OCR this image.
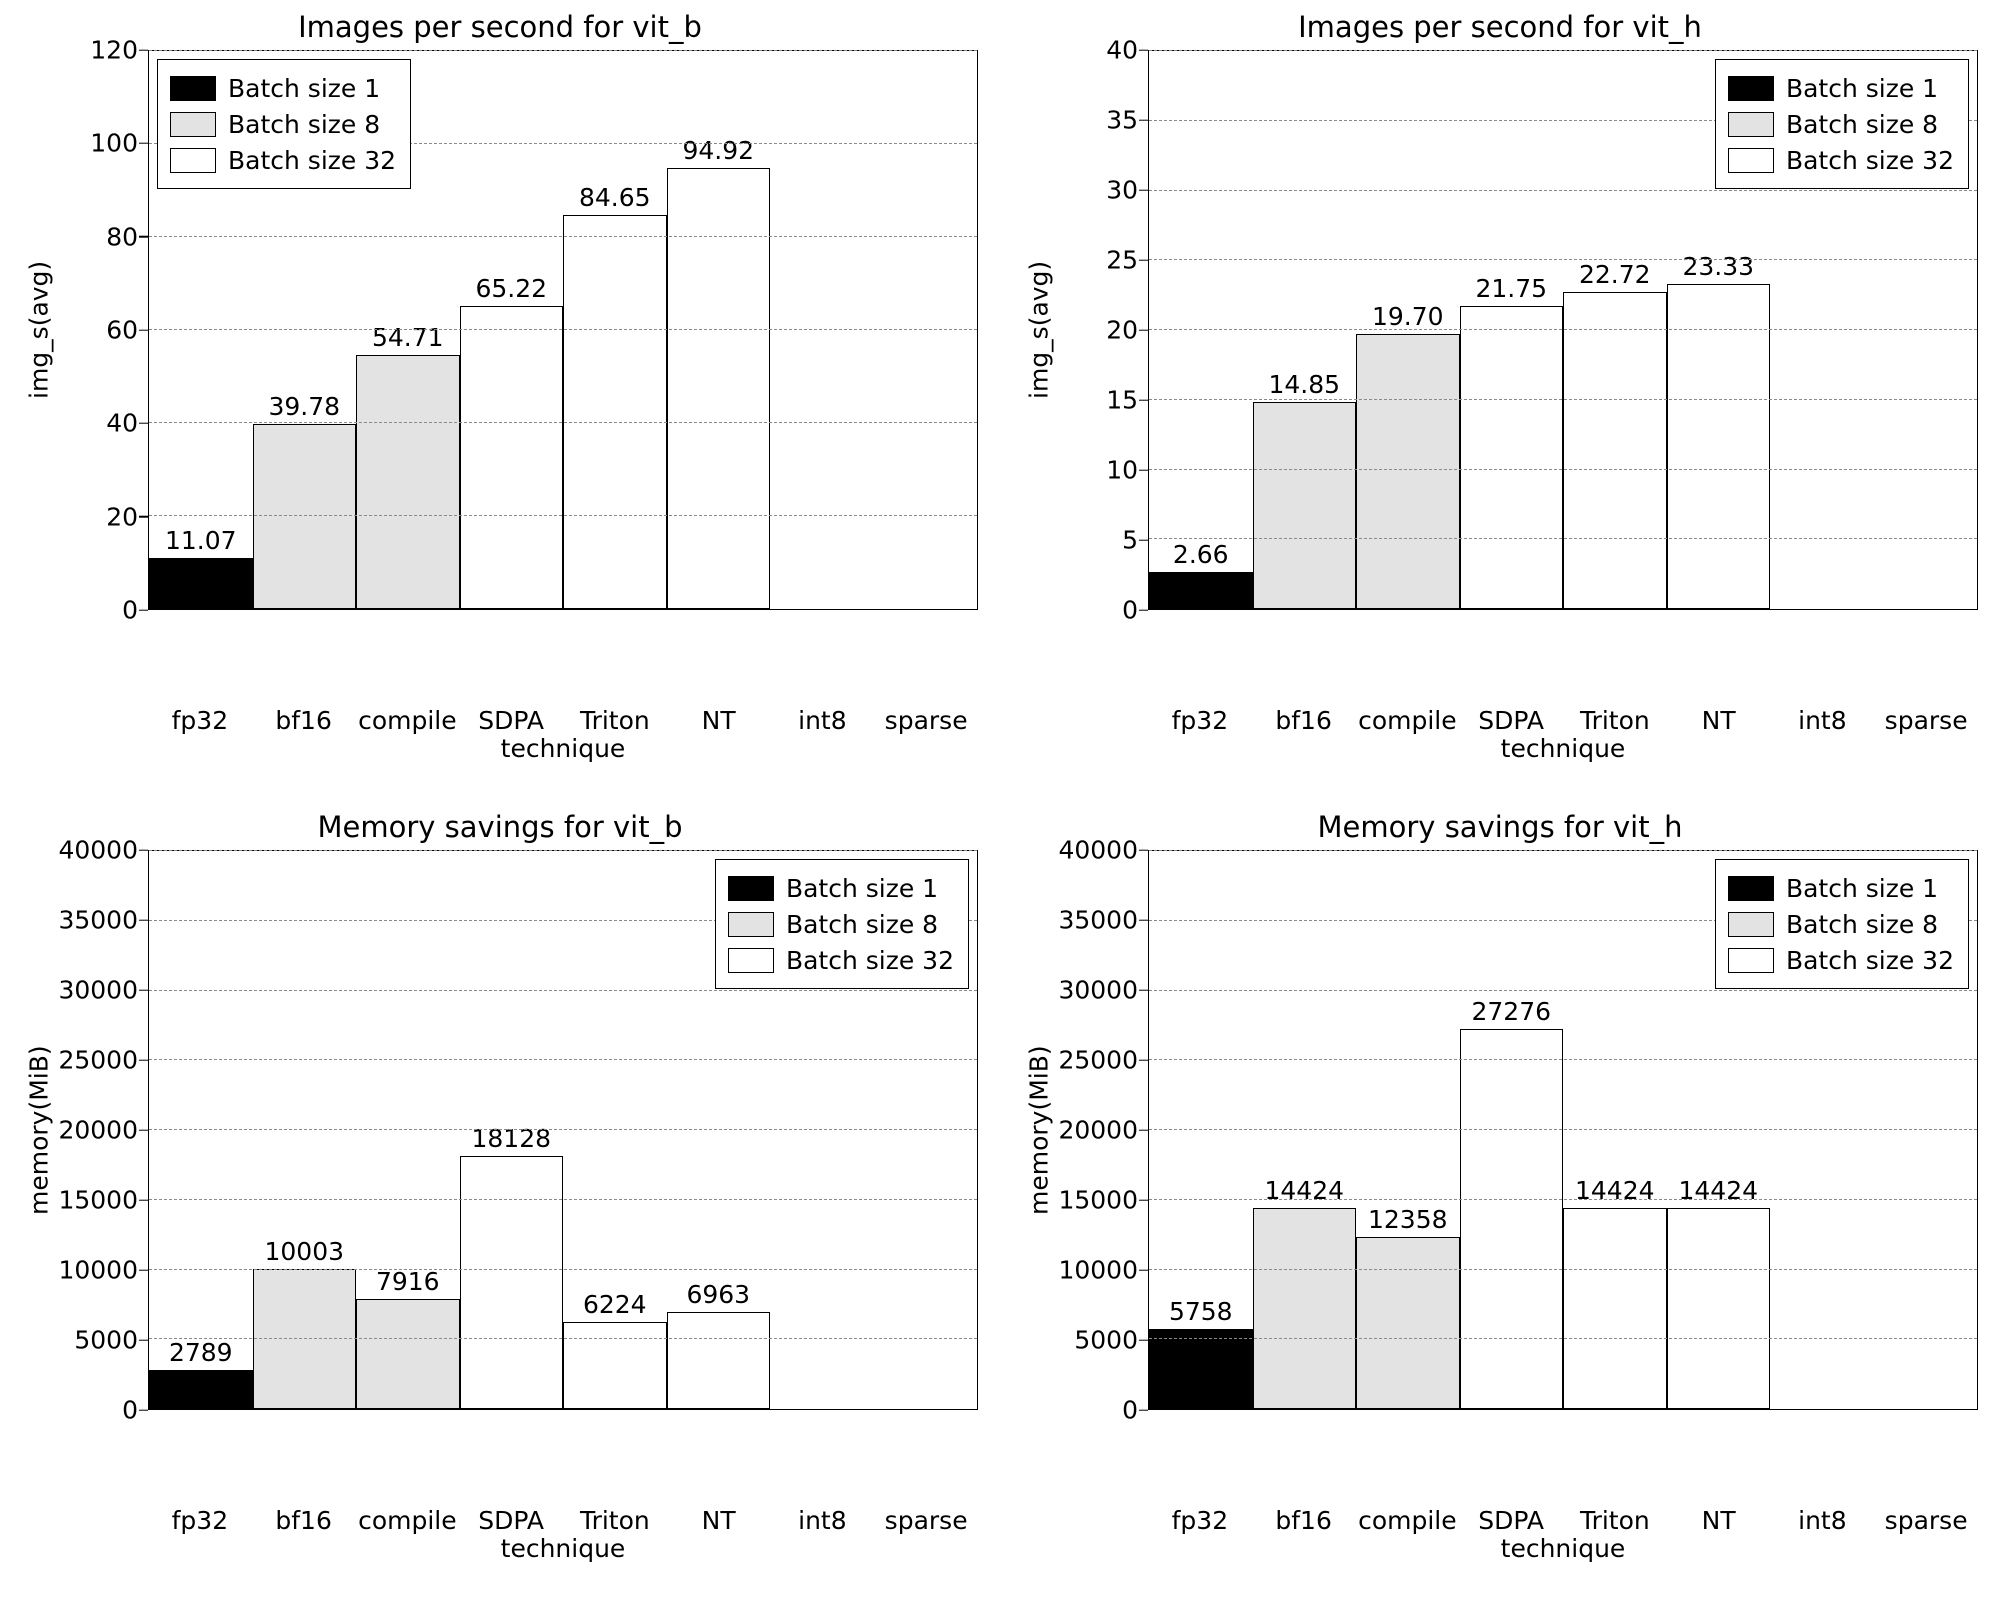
Images per second for vit_b
img_s(avg)
0
20
40
60
80
100
120
11.07
39.78
54.71
65.22
84.65
94.92
Batch size 1
Batch size 8
Batch size 32
fp32	bf16	compile SDPA	Triton	NT	int8	sparse
technique
Images per second for vit_h
img_s(avg)
0
5
10
15
20
25
30
35
40
2.66
14.85
19.70
21.75 22.72 23.33
Batch size 1
Batch size 8
Batch size 32
fp32	bf16	compile SDPA	Triton	NT	int8	sparse
technique
Memory savings for vit_b
memory(MiB)
0
5000
10000
15000
20000
25000
30000
35000
40000
2789
10003
7916
18128
6224 6963
Batch size 1
Batch size 8
Batch size 32
fp32	bf16	compile SDPA	Triton	NT	int8	sparse
technique
Memory savings for vit_h
memory(MiB)
0
5000
10000
15000
20000
25000
30000
35000
40000
5758
14424
12358
27276
14424 14424
Batch size 1
Batch size 8
Batch size 32
fp32	bf16	compile SDPA	Triton	NT	int8	sparse
technique
